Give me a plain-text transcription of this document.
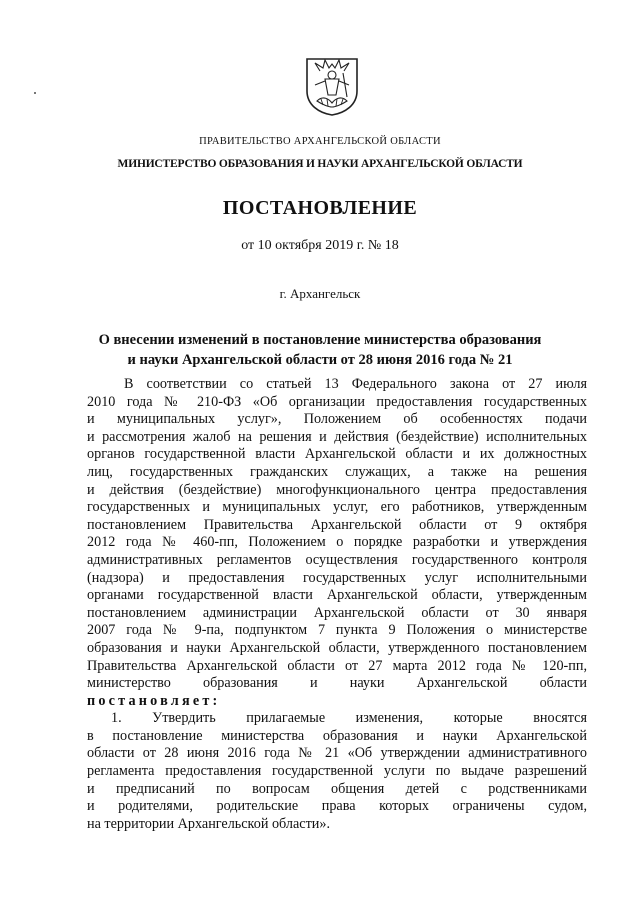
ПРАВИТЕЛЬСТВО АРХАНГЕЛЬСКОЙ ОБЛАСТИ
МИНИСТЕРСТВО ОБРАЗОВАНИЯ И НАУКИ АРХАНГЕЛЬСКОЙ ОБЛАСТИ
ПОСТАНОВЛЕНИЕ
от 10 октября 2019 г. № 18
г. Архангельск
О внесении изменений в постановление министерства образования
и науки Архангельской области от 28 июня 2016 года № 21
В соответствии со статьей 13 Федерального закона от 27 июля
2010 года № 210-ФЗ «Об организации предоставления государственных
и муниципальных услуг», Положением об особенностях подачи
и рассмотрения жалоб на решения и действия (бездействие) исполнительных
органов государственной власти Архангельской области и их должностных
лиц, государственных гражданских служащих, а также на решения
и действия (бездействие) многофункционального центра предоставления
государственных и муниципальных услуг, его работников, утвержденным
постановлением Правительства Архангельской области от 9 октября
2012 года № 460-пп, Положением о порядке разработки и утверждения
административных регламентов осуществления государственного контроля
(надзора) и предоставления государственных услуг исполнительными
органами государственной власти Архангельской области, утвержденным
постановлением администрации Архангельской области от 30 января
2007 года № 9-па, подпунктом 7 пункта 9 Положения о министерстве
образования и науки Архангельской области, утвержденного постановлением
Правительства Архангельской области от 27 марта 2012 года № 120-пп,
министерство образования и науки Архангельской области
постановляет:
1. Утвердить прилагаемые изменения, которые вносятся
в постановление министерства образования и науки Архангельской
области от 28 июня 2016 года № 21 «Об утверждении административного
регламента предоставления государственной услуги по выдаче разрешений
и предписаний по вопросам общения детей с родственниками
и родителями, родительские права которых ограничены судом,
на территории Архангельской области».
